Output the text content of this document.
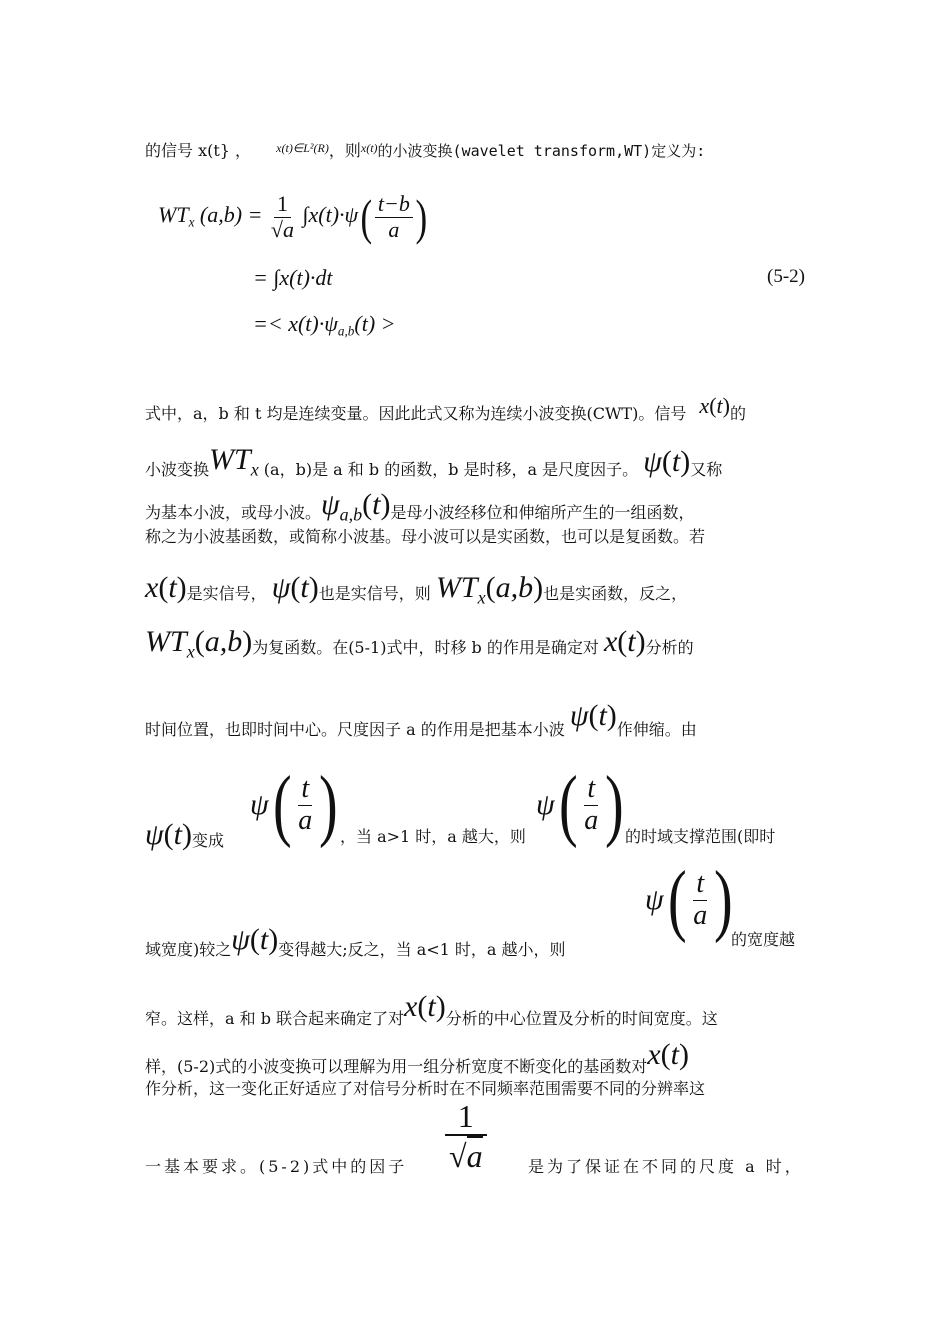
的信号 x(t} ， x(t)∈L²(R)，则x(t)的小波变换(wavelet transform,WT)定义为:
$WT_x$ $(a,b) = \frac{1}{√a} \int x(t)\cdot\psi( \frac{t-b}{a}$ )
= ∫x(t)·dt	(5-2)
=< $x(t)\cdot\psi_{a,b}(t)$ >
式中，a，b 和 t 均是连续变量。因此此式又称为连续小波变换(CWT)。信号 x(t)的
小波变换$WT_x$ (a，b)是 a 和 b 的函数，b 是时移，a 是尺度因子。 ψ(t)又称
为基本小波，或母小波。$\psi_{a,b}(t)$是母小波经移位和伸缩所产生的一组函数，
称之为小波基函数，或简称小波基。母小波可以是实函数，也可以是复函数。若
x(t)是实信号， ψ(t)也是实信号，则 $WT_x(a,b)$也是实函数，反之，
$WT_x(a,b)$为复函数。在(5-1)式中，时移 b 的作用是确定对 x(t)分析的
时间位置，也即时间中心。尺度因子 a 的作用是把基本小波 ψ(t)作伸缩。由
ψ(t)变成
$\psi( \frac{t}{a}$ ) ，当 a>1 时，a 越大，则
$\psi( \frac{t}{a}$ ) 的时域支撑范围(即时
域宽度)较之ψ(t)变得越大;反之，当 a<1 时，a 越小，则
$\psi( \frac{t}{a}$ )
的宽度越
窄。这样，a 和 b 联合起来确定了对x(t)分析的中心位置及分析的时间宽度。这
样，(5-2)式的小波变换可以理解为用一组分析宽度不断变化的基函数对x(t)
作分析，这一变化正好适应了对信号分析时在不同频率范围需要不同的分辨率这
一基本要求。(5-2)式中的因子
1
√a	是为了保证在不同的尺度 a 时，
